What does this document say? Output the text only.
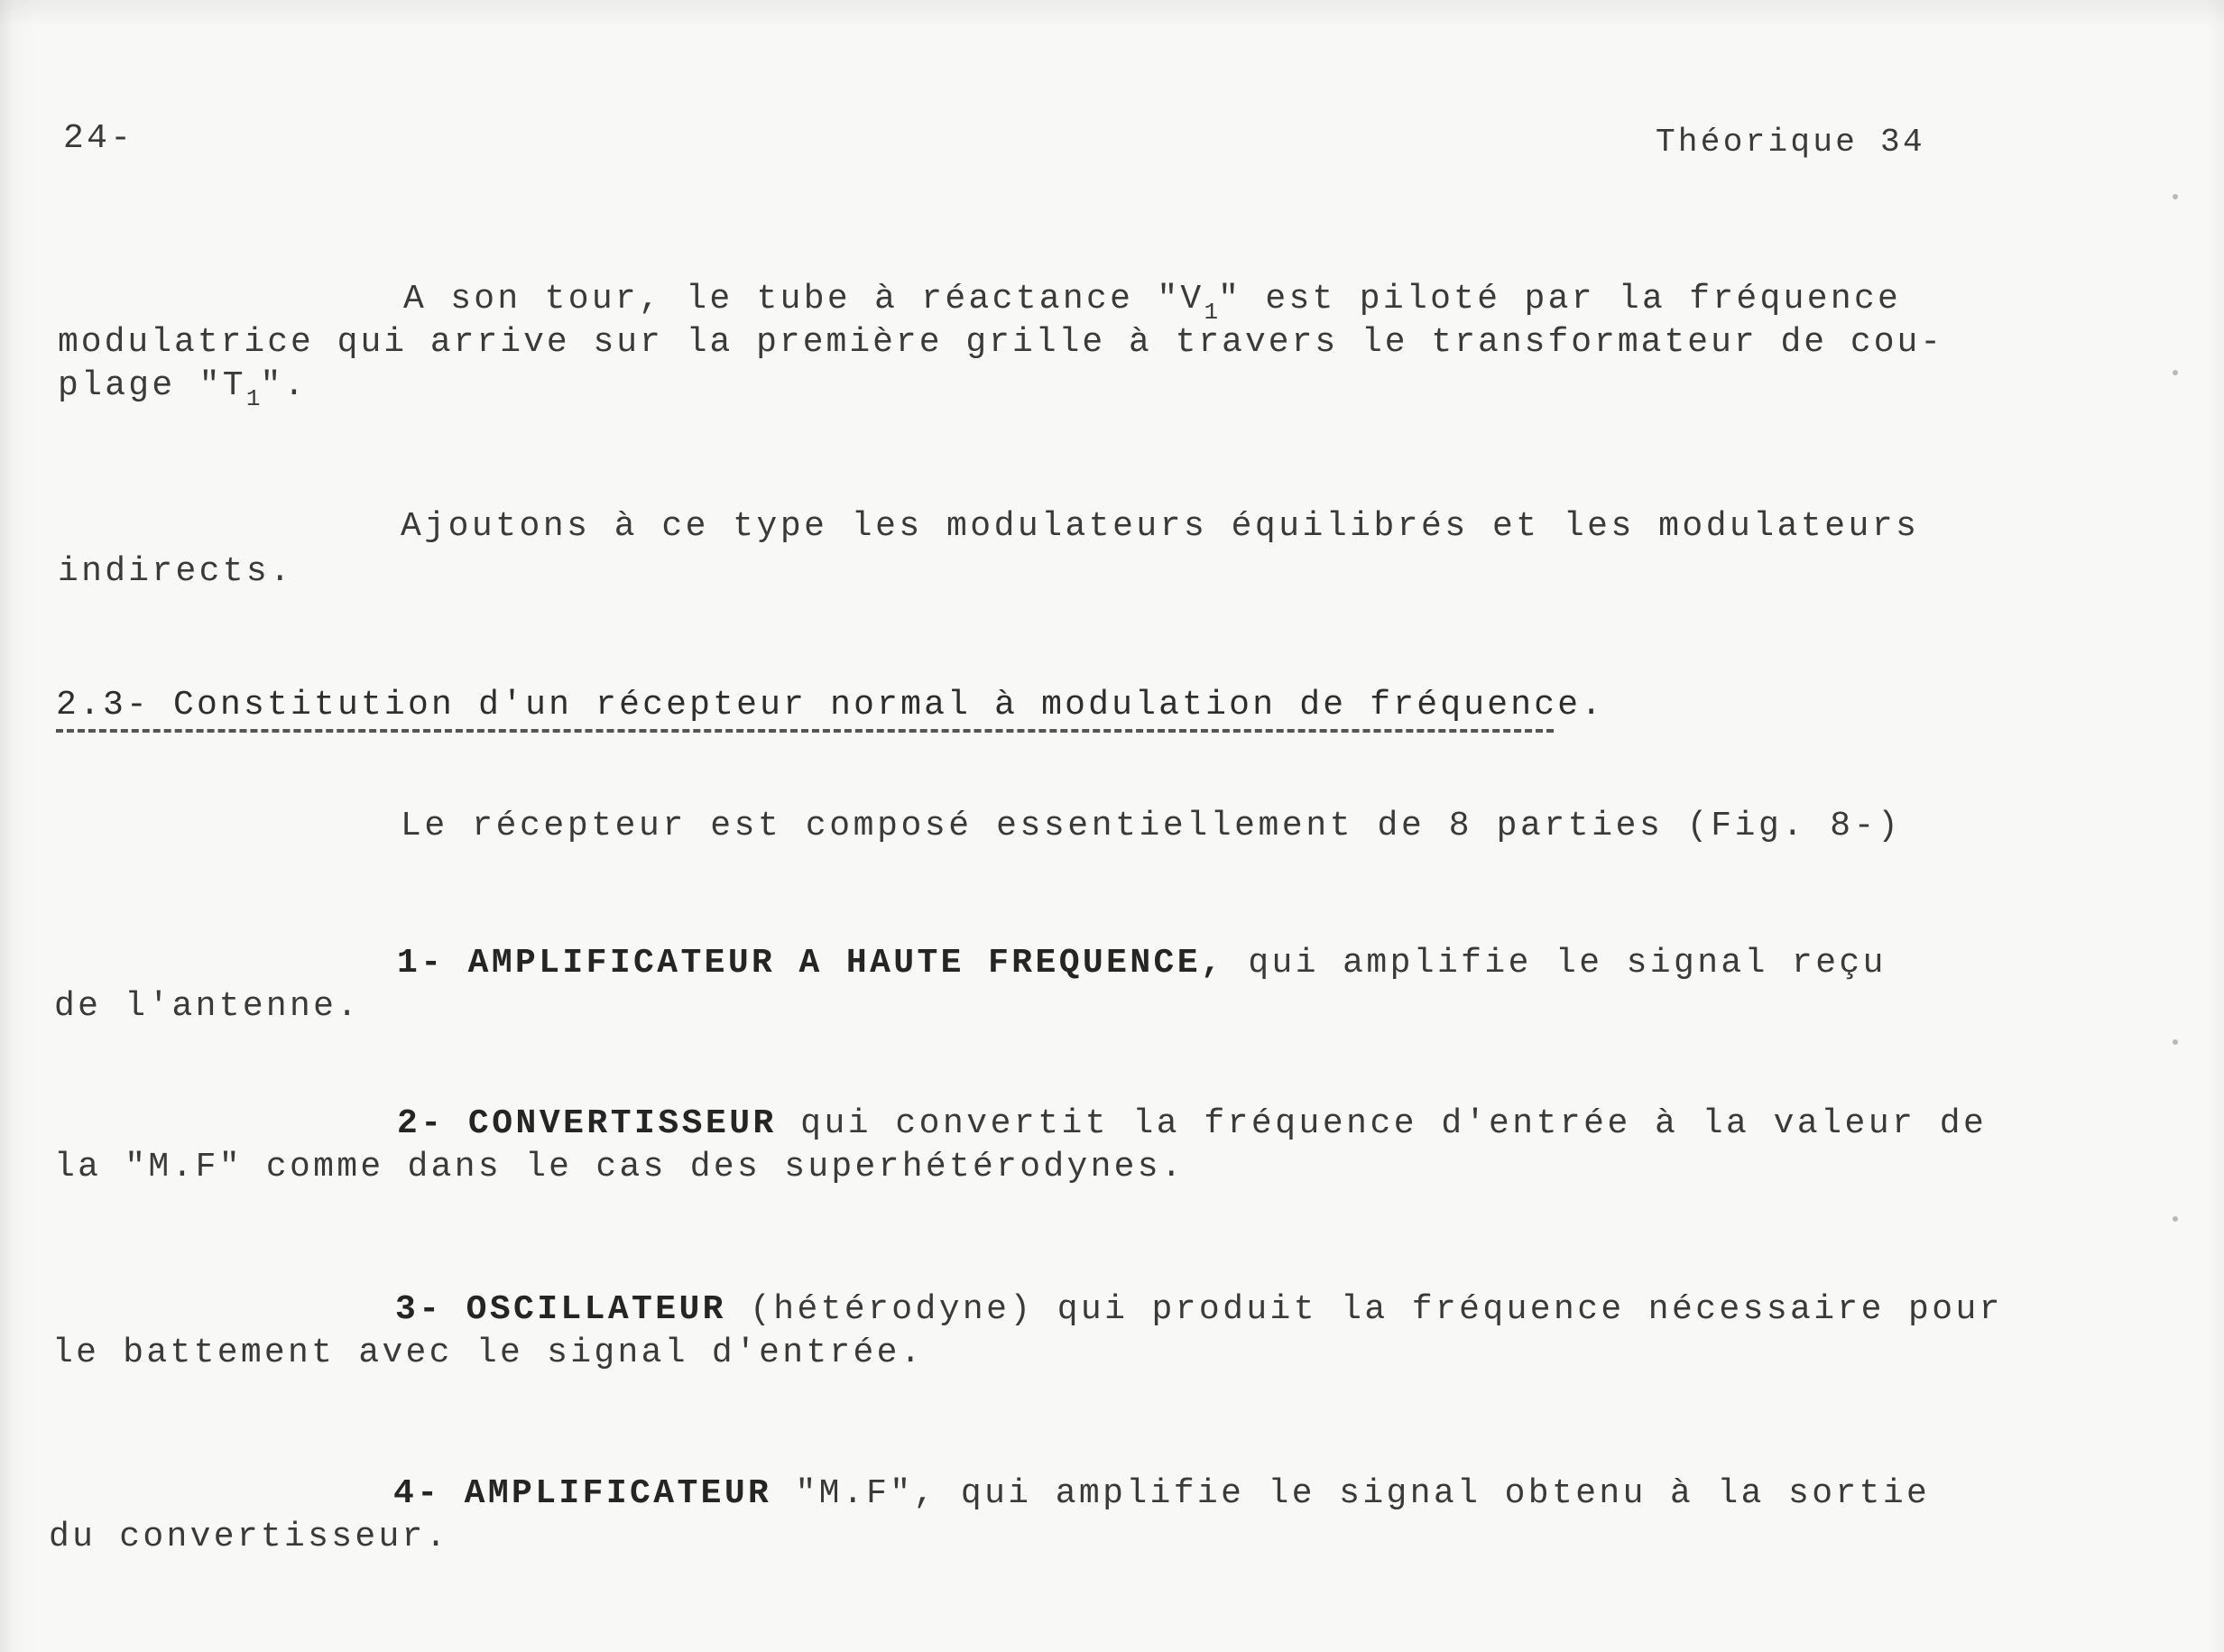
24-	Théorique 34
A son tour, le tube à réactance "$V_1$" est piloté par la fréquence
modulatrice qui arrive sur la première grille à travers le transformateur de cou-
plage "$T_1$".
Ajoutons à ce type les modulateurs équilibrés et les modulateurs
indirects.
2.3- Constitution d'un récepteur normal à modulation de fréquence.
Le récepteur est composé essentiellement de 8 parties (Fig. 8-)
1- AMPLIFICATEUR A HAUTE FREQUENCE, qui amplifie le signal reçu
de l'antenne.
2- CONVERTISSEUR qui convertit la fréquence d'entrée à la valeur de
la "M.F" comme dans le cas des superhétérodynes.
3- OSCILLATEUR (hétérodyne) qui produit la fréquence nécessaire pour
le battement avec le signal d'entrée.
4- AMPLIFICATEUR "M.F", qui amplifie le signal obtenu à la sortie
du convertisseur.
